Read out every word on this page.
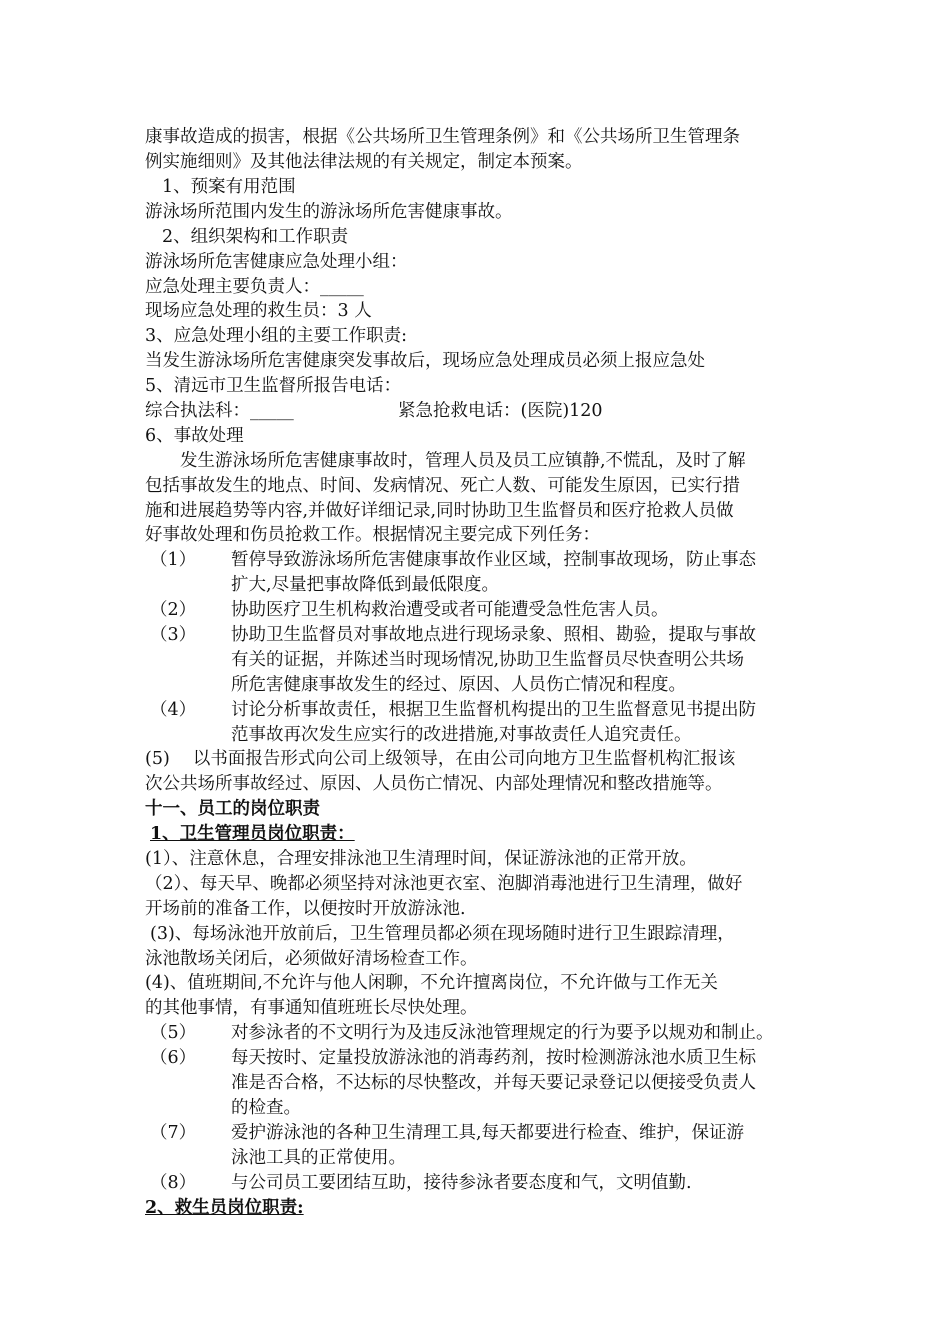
康事故造成的损害，根据《公共场所卫生管理条例》和《公共场所卫生管理条
例实施细则》及其他法律法规的有关规定，制定本预案。
1、预案有用范围
游泳场所范围内发生的游泳场所危害健康事故。
2、组织架构和工作职责
游泳场所危害健康应急处理小组：
应急处理主要负责人：_____
现场应急处理的救生员：3 人
3、应急处理小组的主要工作职责:
当发生游泳场所危害健康突发事故后，现场应急处理成员必须上报应急处
5、清远市卫生监督所报告电话：
综合执法科：_____	紧急抢救电话：(医院)120
6、事故处理
发生游泳场所危害健康事故时，管理人员及员工应镇静,不慌乱，及时了解
包括事故发生的地点、时间、发病情况、死亡人数、可能发生原因，已实行措
施和进展趋势等内容,并做好详细记录,同时协助卫生监督员和医疗抢救人员做
好事故处理和伤员抢救工作。根据情况主要完成下列任务：
（1） 暂停导致游泳场所危害健康事故作业区域，控制事故现场，防止事态
扩大,尽量把事故降低到最低限度。
（2） 协助医疗卫生机构救治遭受或者可能遭受急性危害人员。
（3） 协助卫生监督员对事故地点进行现场录象、照相、勘验，提取与事故
有关的证据，并陈述当时现场情况,协助卫生监督员尽快查明公共场
所危害健康事故发生的经过、原因、人员伤亡情况和程度。
（4） 讨论分析事故责任，根据卫生监督机构提出的卫生监督意见书提出防
范事故再次发生应实行的改进措施,对事故责任人追究责任。
(5)　 以书面报告形式向公司上级领导，在由公司向地方卫生监督机构汇报该
次公共场所事故经过、原因、人员伤亡情况、内部处理情况和整改措施等。
十一、员工的岗位职责
1、卫生管理员岗位职责：
(1）、注意休息，合理安排泳池卫生清理时间，保证游泳池的正常开放。
（2）、每天早、晚都必须坚持对泳池更衣室、泡脚消毒池进行卫生清理，做好
开场前的准备工作，以便按时开放游泳池.
(3)、每场泳池开放前后，卫生管理员都必须在现场随时进行卫生跟踪清理，
泳池散场关闭后，必须做好清场检查工作。
(4)、值班期间,不允许与他人闲聊，不允许擅离岗位，不允许做与工作无关
的其他事情，有事通知值班班长尽快处理。
（5） 对参泳者的不文明行为及违反泳池管理规定的行为要予以规劝和制止。
（6） 每天按时、定量投放游泳池的消毒药剂，按时检测游泳池水质卫生标
准是否合格，不达标的尽快整改，并每天要记录登记以便接受负责人
的检查。
（7） 爱护游泳池的各种卫生清理工具,每天都要进行检查、维护，保证游
泳池工具的正常使用。
（8） 与公司员工要团结互助，接待参泳者要态度和气，文明值勤.
2、救生员岗位职责:
